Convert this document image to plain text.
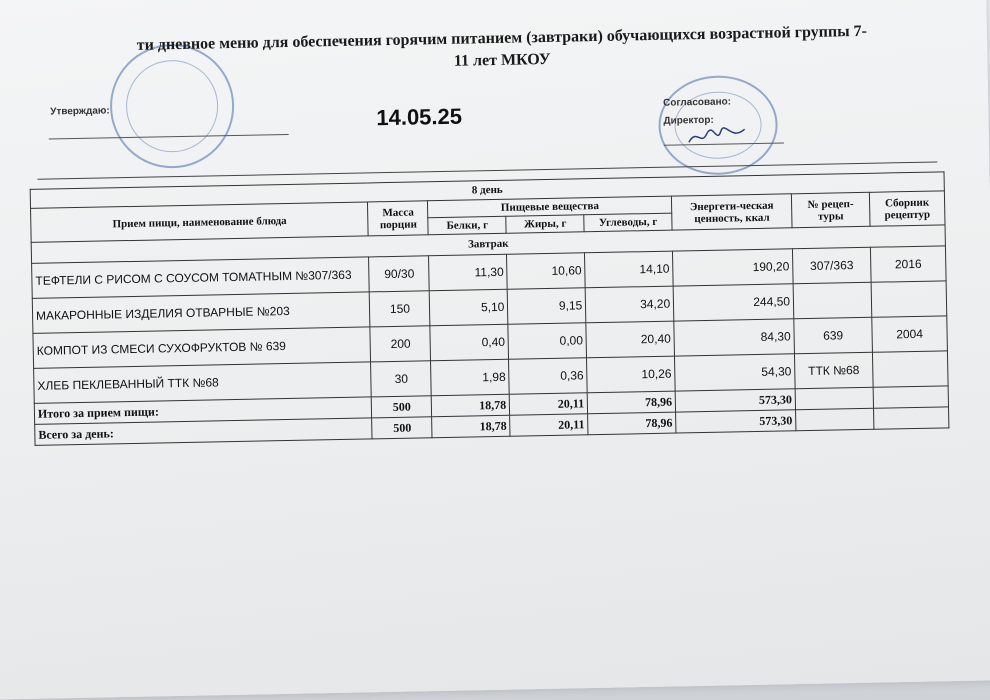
ти дневное меню для обеспечения горячим питанием (завтраки) обучающихся возрастной группы 7-
11 лет МКОУ
Утверждаю:	14.05.25
Согласовано:
Директор:
8 день							
Прием пищи, наименование блюда	Масса порции	Пищевые вещества			Энергети-ческая ценность, ккал	№ рецеп-туры	Сборник рецептур
		Белки, г	Жиры, г	Углеводы, г			
Завтрак							
ТЕФТЕЛИ С РИСОМ С СОУСОМ ТОМАТНЫМ №307/363	90/30	11,30	10,60	14,10	190,20	307/363	2016
МАКАРОННЫЕ ИЗДЕЛИЯ ОТВАРНЫЕ №203	150	5,10	9,15	34,20	244,50		
КОМПОТ ИЗ СМЕСИ СУХОФРУКТОВ № 639	200	0,40	0,00	20,40	84,30	639	2004
ХЛЕБ ПЕКЛЕВАННЫЙ ТТК №68	30	1,98	0,36	10,26	54,30	ТТК №68	
Итого за прием пищи:	500	18,78	20,11	78,96	573,30		
Всего за день:	500	18,78	20,11	78,96	573,30		
